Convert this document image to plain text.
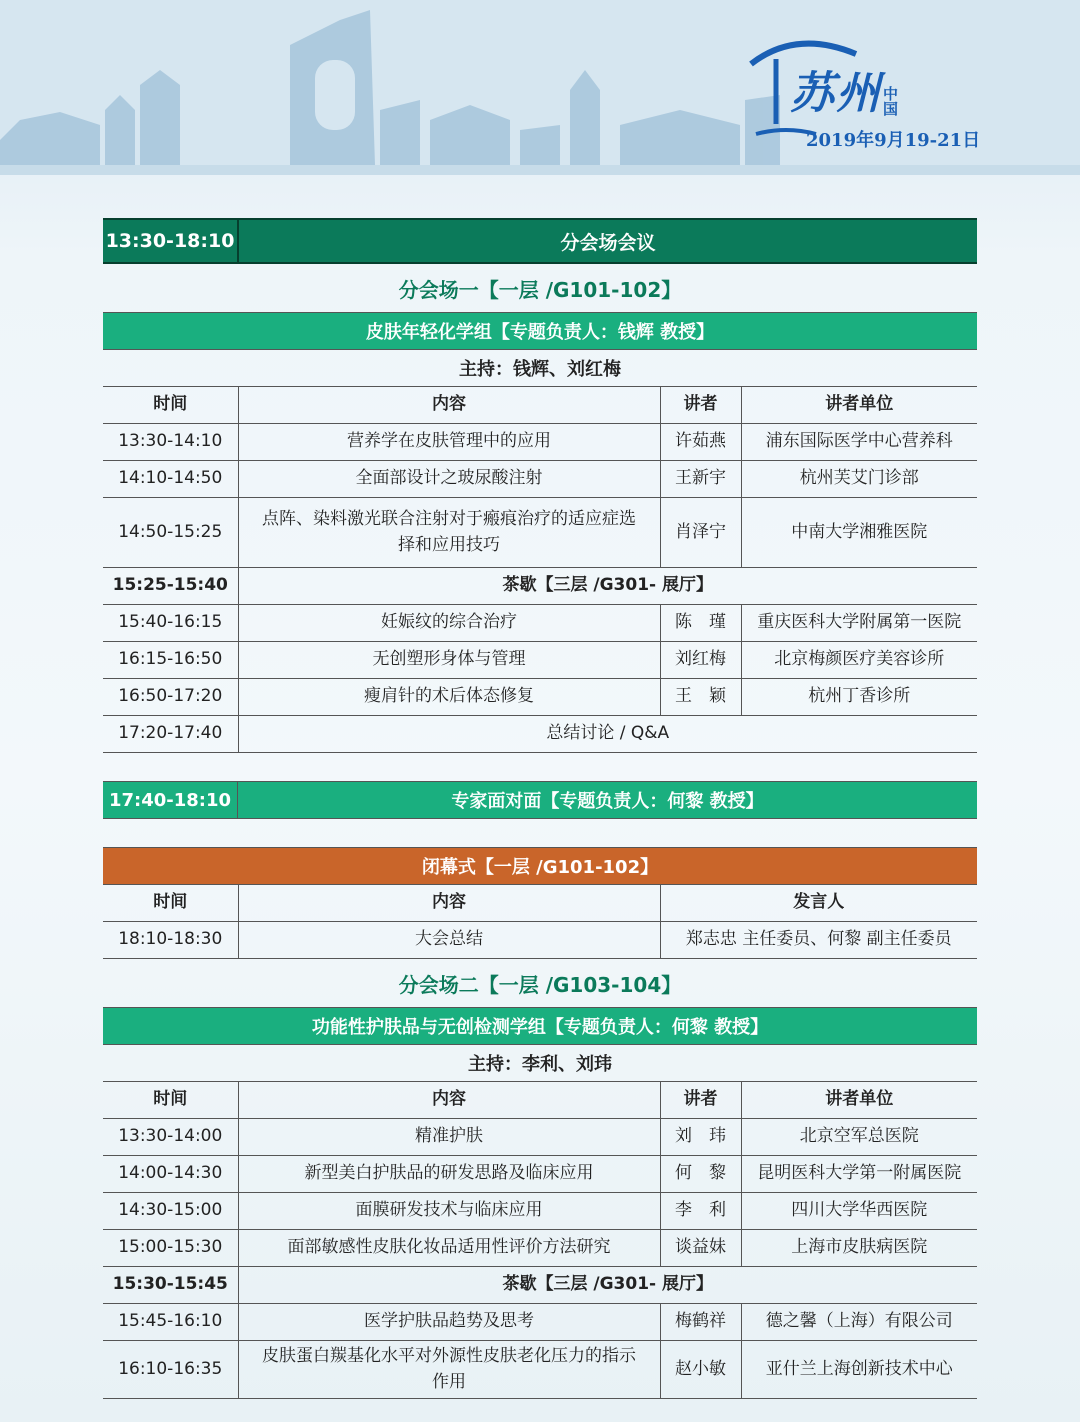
苏州 中国
2019年9月19-21日
13:30-18:10	分会场会议
分会场一【一层 /G101-102】
皮肤年轻化学组【专题负责人：钱辉 教授】
主持：钱辉、刘红梅
时间	内容	讲者	讲者单位
13:30-14:10	营养学在皮肤管理中的应用	许茹燕	浦东国际医学中心营养科
14:10-14:50	全面部设计之玻尿酸注射	王新宇	杭州芙艾门诊部
14:50-15:25	点阵、染料激光联合注射对于瘢痕治疗的适应症选择和应用技巧	肖泽宁	中南大学湘雅医院
15:25-15:40	茶歇【三层 /G301- 展厅】		
15:40-16:15	妊娠纹的综合治疗	陈　瑾	重庆医科大学附属第一医院
16:15-16:50	无创塑形身体与管理	刘红梅	北京梅颜医疗美容诊所
16:50-17:20	瘦肩针的术后体态修复	王　颖	杭州丁香诊所
17:20-17:40	总结讨论 / Q&A		
17:40-18:10	专家面对面【专题负责人：何黎 教授】
闭幕式【一层 /G101-102】
时间	内容	发言人
18:10-18:30	大会总结	郑志忠 主任委员、何黎 副主任委员
分会场二【一层 /G103-104】
功能性护肤品与无创检测学组【专题负责人：何黎 教授】
主持：李利、刘玮
时间	内容	讲者	讲者单位
13:30-14:00	精准护肤	刘　玮	北京空军总医院
14:00-14:30	新型美白护肤品的研发思路及临床应用	何　黎	昆明医科大学第一附属医院
14:30-15:00	面膜研发技术与临床应用	李　利	四川大学华西医院
15:00-15:30	面部敏感性皮肤化妆品适用性评价方法研究	谈益妹	上海市皮肤病医院
15:30-15:45	茶歇【三层 /G301- 展厅】		
15:45-16:10	医学护肤品趋势及思考	梅鹤祥	德之馨（上海）有限公司
16:10-16:35	皮肤蛋白羰基化水平对外源性皮肤老化压力的指示作用	赵小敏	亚什兰上海创新技术中心
